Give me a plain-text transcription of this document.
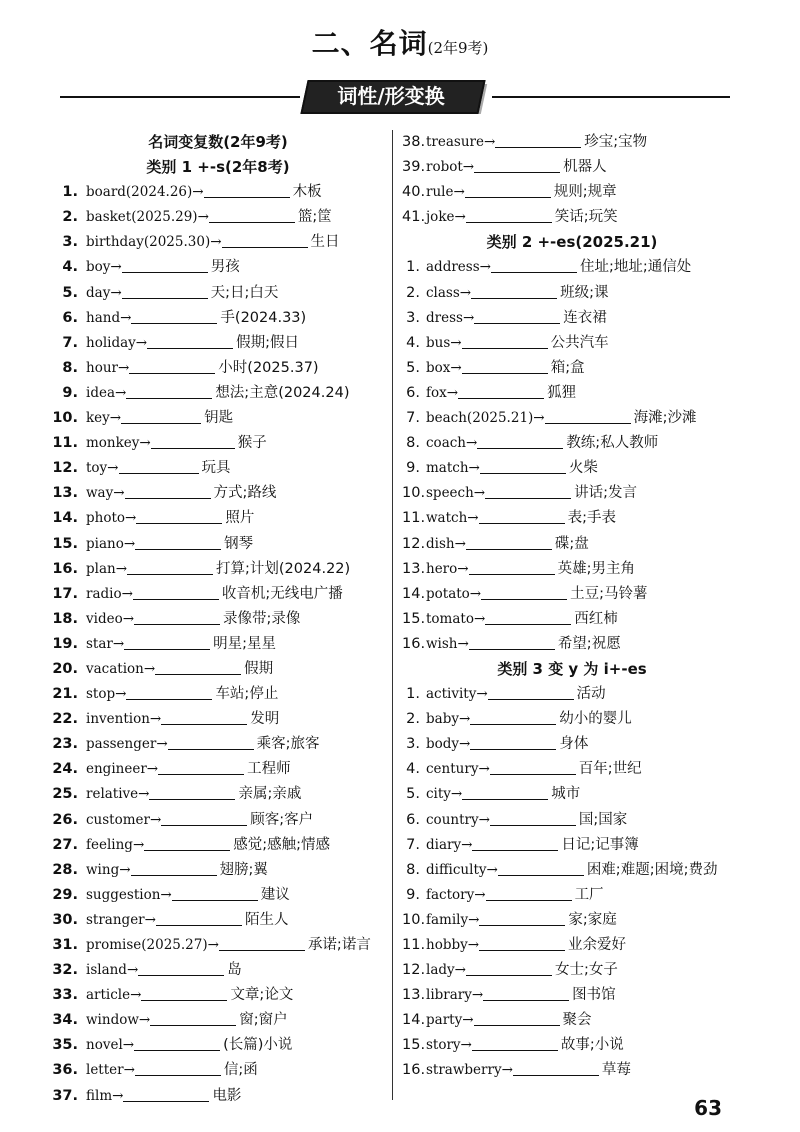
二、名词(2年9考)
词性/形变换
名词变复数(2年9考)
类别 1 +-s(2年8考)
1. board(2024.26)→	木板
2. basket(2025.29)→	篮;筐
3. birthday(2025.30)→	生日
4. boy→	男孩
5. day→	天;日;白天
6. hand→	手(2024.33)
7. holiday→	假期;假日
8. hour→	小时(2025.37)
9. idea→	想法;主意(2024.24)
10. key→	钥匙
11. monkey→	猴子
12. toy→	玩具
13. way→	方式;路线
14. photo→	照片
15. piano→	钢琴
16. plan→	打算;计划(2024.22)
17. radio→	收音机;无线电广播
18. video→	录像带;录像
19. star→	明星;星星
20. vacation→	假期
21. stop→	车站;停止
22. invention→	发明
23. passenger→	乘客;旅客
24. engineer→	工程师
25. relative→	亲属;亲戚
26. customer→	顾客;客户
27. feeling→	感觉;感触;情感
28. wing→	翅膀;翼
29. suggestion→	建议
30. stranger→	陌生人
31. promise(2025.27)→	承诺;诺言
32. island→	岛
33. article→	文章;论文
34. window→	窗;窗户
35. novel→	(长篇)小说
36. letter→	信;函
37. film→	电影
38.treasure→	珍宝;宝物
39.robot→	机器人
40.rule→	规则;规章
41.joke→	笑话;玩笑
类别 2 +-es(2025.21)
1. address→	住址;地址;通信处
2. class→	班级;课
3. dress→	连衣裙
4. bus→	公共汽车
5. box→	箱;盒
6. fox→	狐狸
7. beach(2025.21)→	海滩;沙滩
8. coach→	教练;私人教师
9. match→	火柴
10.speech→	讲话;发言
11.watch→	表;手表
12.dish→	碟;盘
13.hero→	英雄;男主角
14.potato→	土豆;马铃薯
15.tomato→	西红柿
16.wish→	希望;祝愿
类别 3 变 y 为 i+-es
1. activity→	活动
2. baby→	幼小的婴儿
3. body→	身体
4. century→	百年;世纪
5. city→	城市
6. country→	国;国家
7. diary→	日记;记事簿
8. difficulty→	困难;难题;困境;费劲
9. factory→	工厂
10.family→	家;家庭
11.hobby→	业余爱好
12.lady→	女士;女子
13.library→	图书馆
14.party→	聚会
15.story→	故事;小说
16.strawberry→	草莓
63
